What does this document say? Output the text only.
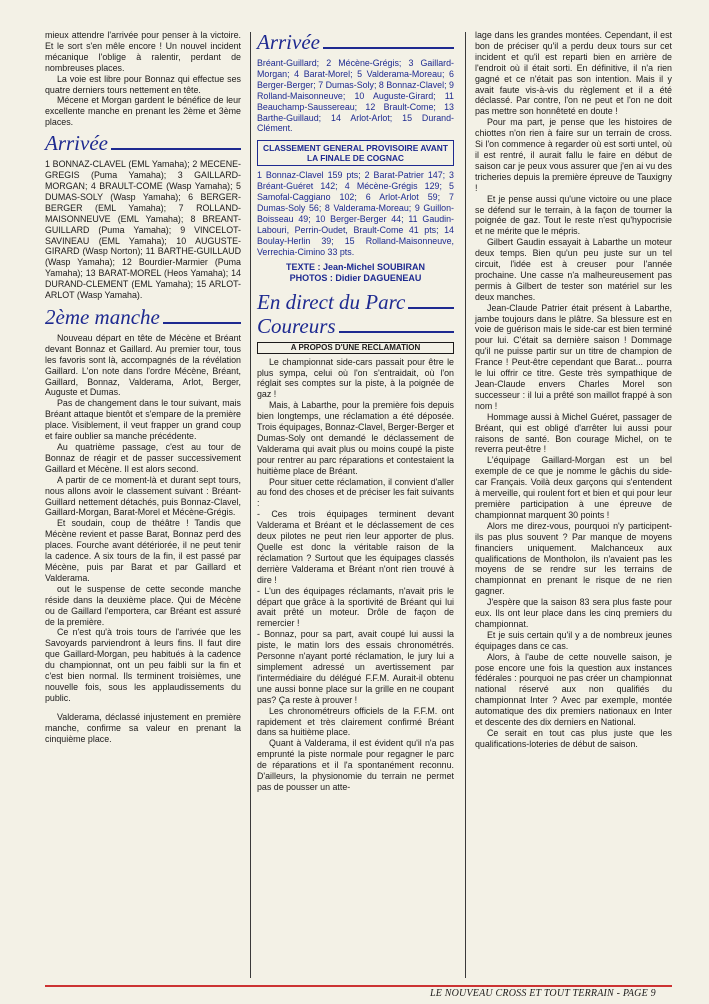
mieux attendre l'arrivée pour penser à la victoire. Et le sort s'en mêle encore ! Un nouvel incident mécanique l'oblige à ralentir, perdant de nombreuses places.

La voie est libre pour Bonnaz qui effectue ses quatre derniers tours nettement en tête.

Mécene et Morgan gardent le bénéfice de leur excellente manche en prenant les 2ème et 3ème places.

Arrivée

1 BONNAZ-CLAVEL (EML Yamaha); 2 MECENE-GREGIS (Puma Yamaha); 3 GAILLARD-MORGAN; 4 BRAULT-COME (Wasp Yamaha); 5 DUMAS-SOLY (Wasp Yamaha); 6 BERGER-BERGER (EML Yamaha); 7 ROLLAND-MAISONNEUVE (EML Yamaha); 8 BREANT-GUILLARD (Puma Yamaha); 9 VINCELOT-SAVINEAU (EML Yamaha); 10 AUGUSTE-GIRARD (Wasp Norton); 11 BARTHE-GUILLAUD (Wasp Yamaha); 12 Bourdier-Marmier (Puma Yamaha); 13 BARAT-MOREL (Heos Yamaha); 14 DURAND-CLEMENT (EML Yamaha); 15 ARLOT-ARLOT (Wasp Yamaha).

2ème manche

Nouveau départ en tête de Mécène et Bréant devant Bonnaz et Gaillard. Au premier tour, tous les favoris sont là, accompagnés de la révélation Gaillard. L'on note dans l'ordre Mécène, Bréant, Gaillard, Bonnaz, Valderama, Arlot, Berger, Auguste et Dumas.

Pas de changement dans le tour suivant, mais Bréant attaque bientôt et s'empare de la première place. Visiblement, il veut frapper un grand coup et faire oublier sa manche précédente.

Au quatrième passage, c'est au tour de Bonnaz de réagir et de passer successivement Gaillard et Mécène. Il est alors second.

A partir de ce moment-là et durant sept tours, nous allons avoir le classement suivant : Bréant-Guillard nettement détachés, puis Bonnaz-Clavel, Gaillard-Morgan, Barat-Morel et Mécène-Grégis.

Et soudain, coup de théâtre ! Tandis que Mécène revient et passe Barat, Bonnaz perd des places. Fourche avant détériorée, il ne peut tenir la cadence. A six tours de la fin, il est passé par Mécène, puis par Barat et par Gaillard et Valderama.

out le suspense de cette seconde manche réside dans la deuxième place. Qui de Mécène ou de Gaillard l'emportera, car Bréant est assuré de la première.

Ce n'est qu'à trois tours de l'arrivée que les Savoyards parviendront à leurs fins. Il faut dire que Gaillard-Morgan, peu habitués à la cadence du championnat, ont un peu faibli sur la fin et c'est bien normal. Ils terminent troisièmes, une nouvelle fois, sous les applaudissements du public.

Valderama, déclassé injustement en première manche, confirme sa valeur en prenant la cinquième place.

Arrivée

Bréant-Guillard; 2 Mécène-Grégis; 3 Gaillard-Morgan; 4 Barat-Morel; 5 Valderama-Moreau; 6 Berger-Berger; 7 Dumas-Soly; 8 Bonnaz-Clavel; 9 Rolland-Maisonneuve; 10 Auguste-Girard; 11 Beauchamp-Saussereau; 12 Brault-Come; 13 Barthe-Guillaud; 14 Arlot-Arlot; 15 Durand-Clément.

CLASSEMENT GENERAL PROVISOIRE AVANT LA FINALE DE COGNAC

1 Bonnaz-Clavel 159 pts; 2 Barat-Patrier 147; 3 Bréant-Guéret 142; 4 Mécène-Grégis 129; 5 Samofal-Caggiano 102; 6 Arlot-Arlot 59; 7 Dumas-Soly 56; 8 Valderama-Moreau; 9 Guillon-Boisseau 49; 10 Berger-Berger 44; 11 Gaudin-Labouri, Perrin-Oudet, Brault-Come 41 pts; 14 Boulay-Herlin 39; 15 Rolland-Maisonneuve, Verrechia-Cimino 33 pts.

TEXTE : Jean-Michel SOUBIRAN
PHOTOS : Didier DAGUENEAU
En direct du Parc
Coureurs
A PROPOS D'UNE RECLAMATION

Le championnat side-cars passait pour être le plus sympa, celui où l'on s'entraidait, où l'on réglait ses comptes sur la piste, à la poignée de gaz !

Mais, à Labarthe, pour la première fois depuis bien longtemps, une réclamation a été déposée. Trois équipages, Bonnaz-Clavel, Berger-Berger et Dumas-Soly ont demandé le déclassement de Valderama qui avait plus ou moins coupé la piste pour rentrer au parc réparations et contestaient la huitième place de Bréant.

Pour situer cette réclamation, il convient d'aller au fond des choses et de préciser les fait suivants :

- Ces trois équipages terminent devant Valderama et Bréant et le déclassement de ces deux pilotes ne peut rien leur apporter de plus. Quelle est donc la véritable raison de la réclamation ? Surtout que les équipages classés derrière Valderama et Bréant n'ont rien trouvé à dire !

- L'un des équipages réclamants, n'avait pris le départ que grâce à la sportivité de Bréant qui lui avait prêté un moteur. Drôle de façon de remercier !

- Bonnaz, pour sa part, avait coupé lui aussi la piste, le matin lors des essais chronométrés. Personne n'ayant porté réclamation, le jury lui a simplement adressé un avertissement par l'intermédiaire du délégué F.F.M. Aurait-il obtenu une aussi bonne place sur la grille en ne coupant pas? Ça reste à prouver !

Les chronométreurs officiels de la F.F.M. ont rapidement et très clairement confirmé Bréant dans sa huitième place.

Quant à Valderama, il est évident qu'il n'a pas emprunté la piste normale pour regagner le parc de réparations et il l'a spontanément reconnu. D'ailleurs, la physionomie du terrain ne permet pas de pousser un atte-

lage dans les grandes montées. Cependant, il est bon de préciser qu'il a perdu deux tours sur cet incident et qu'il est reparti bien en arrière de l'endroit où il était sorti. En définitive, il n'a rien gagné et ce n'était pas son intention. Mais il y avait faute vis-à-vis du règlement et il a été déclassé. Par contre, l'on ne peut et l'on ne doit pas mettre son honnêteté en doute !

Pour ma part, je pense que les histoires de chiottes n'on rien à faire sur un terrain de cross. Si l'on commence à regarder où est sorti untel, où il est rentré, il aurait fallu le faire en début de saison car je peux vous assurer que j'en ai vu des tricheries depuis la première épreuve de Tauxigny !

Et je pense aussi qu'une victoire ou une place se défend sur le terrain, à la façon de tourner la poignée de gaz. Tout le reste n'est qu'hypocrisie et ne mérite que le mépris.

Gilbert Gaudin essayait à Labarthe un moteur deux temps. Bien qu'un peu juste sur un tel circuit, l'idée est à creuser pour l'année prochaine. Une casse n'a malheureusement pas permis à Gilbert de tester son matériel sur les deux manches.

Jean-Claude Patrier était présent à Labarthe, jambe toujours dans le plâtre. Sa blessure est en voie de guérison mais le side-car est bien terminé pour lui. C'était sa dernière saison ! Dommage qu'il ne puisse partir sur un titre de champion de France ! Peut-être cependant que Barat... pourra le lui offrir ce titre. Geste très sympathique de Jean-Claude envers Charles Morel son successeur : il lui a prêté son maillot frappé à son nom !

Hommage aussi à Michel Guéret, passager de Bréant, qui est obligé d'arrêter lui aussi pour raisons de santé. Bon courage Michel, on te reverra peut-être !

L'équipage Gaillard-Morgan est un bel exemple de ce que je nomme le gâchis du side-car Français. Voilà deux garçons qui s'entendent à merveille, qui roulent fort et bien et qui pour leur première participation à une épreuve de championnat marquent 30 points !

Alors me direz-vous, pourquoi n'y participent-ils pas plus souvent ? Par manque de moyens financiers uniquement. Malchanceux aux qualifications de Montholon, ils n'avaient pas les moyens de se rendre sur les terrains de championnat en prenant le risque de ne rien gagner.

J'espère que la saison 83 sera plus faste pour eux. Ils ont leur place dans les cinq premiers du championnat.

Et je suis certain qu'il y a de nombreux jeunes équipages dans ce cas.

Alors, à l'aube de cette nouvelle saison, je pose encore une fois la question aux instances fédérales : pourquoi ne pas créer un championnat national réservé aux non qualifiés du championnat Inter ? Avec par exemple, montée automatique des dix premiers nationaux en Inter et descente des dix derniers en National.

Ce serait en tout cas plus juste que les qualifications-loteries de début de saison.

LE NOUVEAU CROSS ET TOUT TERRAIN - PAGE 9
